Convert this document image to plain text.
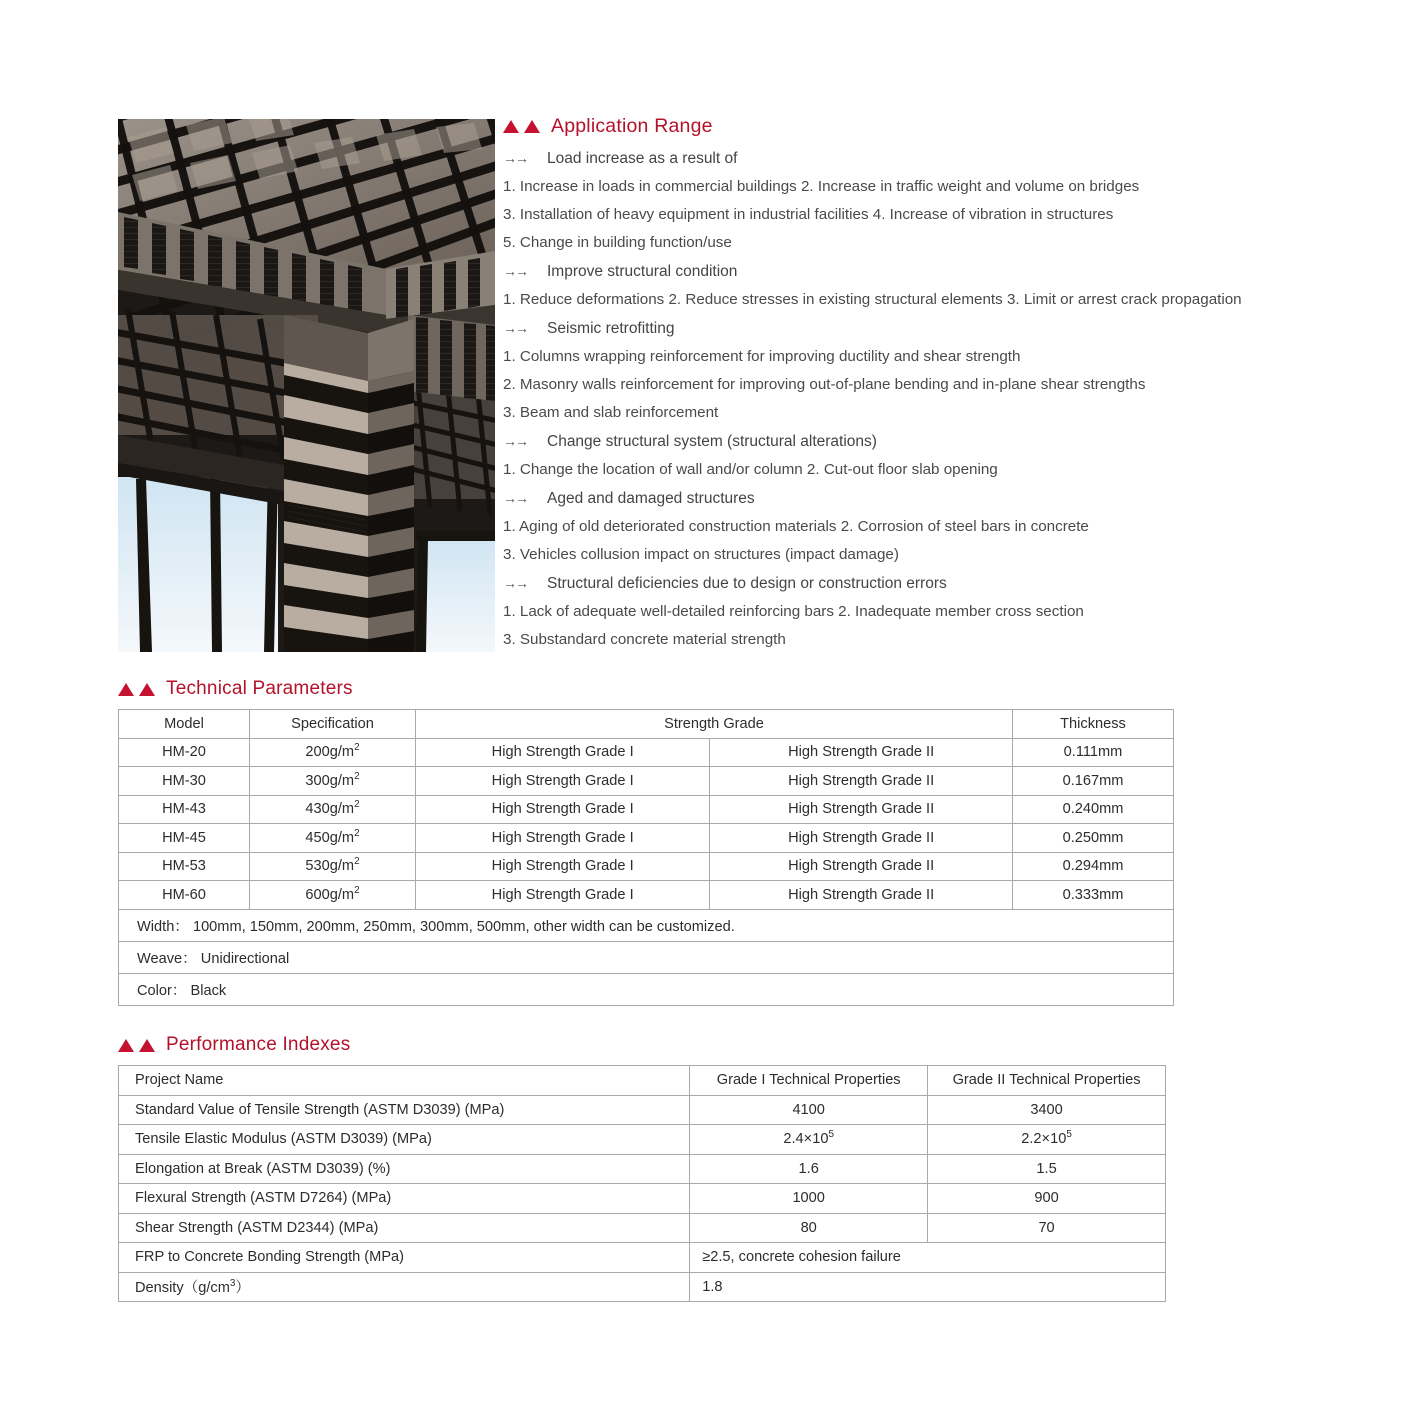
Application Range
→→	Load increase as a result of
1. Increase in loads in commercial buildings 2. Increase in traffic weight and volume on bridges
3. Installation of heavy equipment in industrial facilities 4. Increase of vibration in structures
5. Change in building function/use
→→	Improve structural condition
1. Reduce deformations 2. Reduce stresses in existing structural elements 3. Limit or arrest crack propagation
→→	Seismic retrofitting
1. Columns wrapping reinforcement for improving ductility and shear strength
2. Masonry walls reinforcement for improving out-of-plane bending and in-plane shear strengths
3. Beam and slab reinforcement
→→	Change structural system (structural alterations)
1. Change the location of wall and/or column 2. Cut-out floor slab opening
→→	Aged and damaged structures
1. Aging of old deteriorated construction materials 2. Corrosion of steel bars in concrete
3. Vehicles collusion impact on structures (impact damage)
→→	Structural deficiencies due to design or construction errors
1. Lack of adequate well-detailed reinforcing bars 2. Inadequate member cross section
3. Substandard concrete material strength
Technical Parameters
Model	Specification	Strength Grade		Thickness
HM-20	$200g/m^2$	High Strength Grade I	High Strength Grade II	0.111mm
HM-30	$300g/m^2$	High Strength Grade I	High Strength Grade II	0.167mm
HM-43	$430g/m^2$	High Strength Grade I	High Strength Grade II	0.240mm
HM-45	$450g/m^2$	High Strength Grade I	High Strength Grade II	0.250mm
HM-53	$530g/m^2$	High Strength Grade I	High Strength Grade II	0.294mm
HM-60	$600g/m^2$	High Strength Grade I	High Strength Grade II	0.333mm
Width： 100mm, 150mm, 200mm, 250mm, 300mm, 500mm, other width can be customized.				
Weave： Unidirectional				
Color： Black				
Performance Indexes
Project Name	Grade I Technical Properties	Grade II Technical Properties
Standard Value of Tensile Strength (ASTM D3039) (MPa)	4100	3400
Tensile Elastic Modulus (ASTM D3039) (MPa)	$2.4\times 10^5$	$2.2\times 10^5$
Elongation at Break (ASTM D3039) (%)	1.6	1.5
Flexural Strength (ASTM D7264) (MPa)	1000	900
Shear Strength (ASTM D2344) (MPa)	80	70
FRP to Concrete Bonding Strength (MPa)	≥2.5, concrete cohesion failure	
$Density(g/cm^3)$	1.8	
